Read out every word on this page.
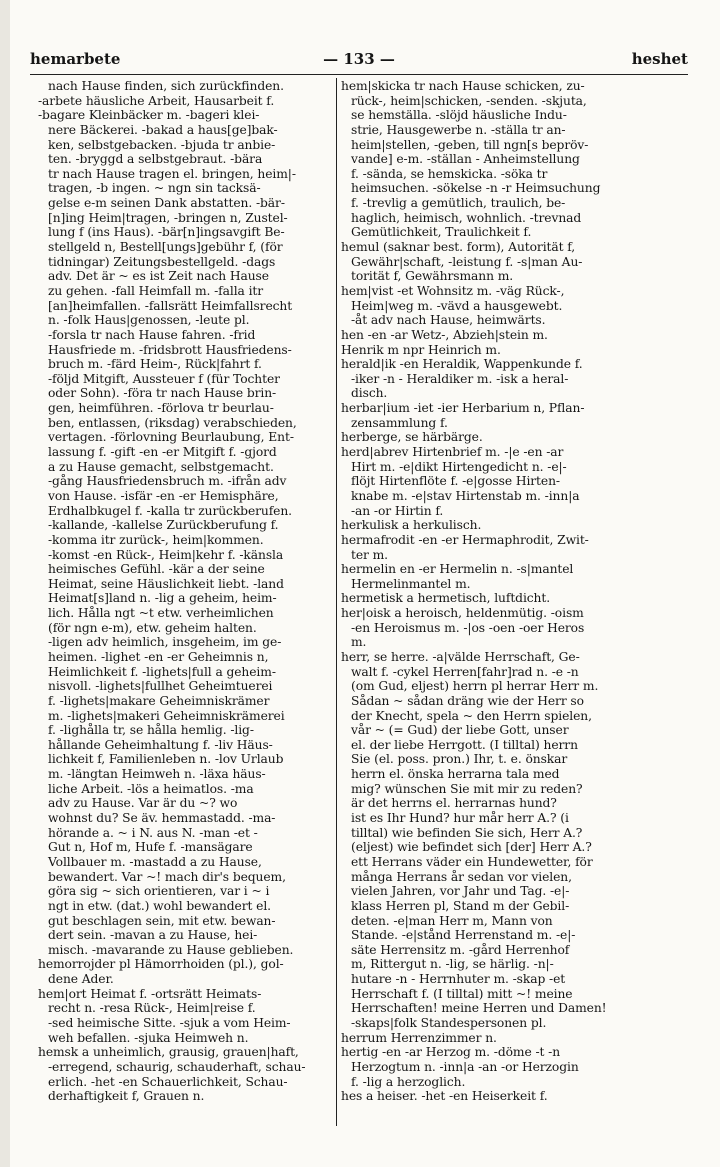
hemarbete	— 133 —	heshet
nach Hause finden, sich zurückfinden.
-arbete häusliche Arbeit, Hausarbeit f.
-bagare Kleinbäcker m. -bageri klei-
nere Bäckerei. -bakad a haus[ge]bak-
ken, selbstgebacken. -bjuda tr anbie-
ten. -bryggd a selbstgebraut. -bära
tr nach Hause tragen el. bringen, heim|-
tragen, -b ingen. ~ ngn sin tacksä-
gelse e-m seinen Dank abstatten. -bär-
[n]ing Heim|tragen, -bringen n, Zustel-
lung f (ins Haus). -bär[n]ingsavgift Be-
stellgeld n, Bestell[ungs]gebühr f, (för
tidningar) Zeitungsbestellgeld. -dags
adv. Det är ~ es ist Zeit nach Hause
zu gehen. -fall Heimfall m. -falla itr
[an]heimfallen. -fallsrätt Heimfallsrecht
n. -folk Haus|genossen, -leute pl.
-forsla tr nach Hause fahren. -frid
Hausfriede m. -fridsbrott Hausfriedens-
bruch m. -färd Heim-, Rück|fahrt f.
-följd Mitgift, Aussteuer f (für Tochter
oder Sohn). -föra tr nach Hause brin-
gen, heimführen. -förlova tr beurlau-
ben, entlassen, (riksdag) verabschieden,
vertagen. -förlovning Beurlaubung, Ent-
lassung f. -gift -en -er Mitgift f. -gjord
a zu Hause gemacht, selbstgemacht.
-gång Hausfriedensbruch m. -ifrån adv
von Hause. -isfär -en -er Hemisphäre,
Erdhalbkugel f. -kalla tr zurückberufen.
-kallande, -kallelse Zurückberufung f.
-komma itr zurück-, heim|kommen.
-komst -en Rück-, Heim|kehr f. -känsla
heimisches Gefühl. -kär a der seine
Heimat, seine Häuslichkeit liebt. -land
Heimat[s]land n. -lig a geheim, heim-
lich. Hålla ngt ~t etw. verheimlichen
(för ngn e-m), etw. geheim halten.
-ligen adv heimlich, insgeheim, im ge-
heimen. -lighet -en -er Geheimnis n,
Heimlichkeit f. -lighets|full a geheim-
nisvoll. -lighets|fullhet Geheimtuerei
f. -lighets|makare Geheimniskrämer
m. -lighets|makeri Geheimniskrämerei
f. -lighålla tr, se hålla hemlig. -lig-
hållande Geheimhaltung f. -liv Häus-
lichkeit f, Familienleben n. -lov Urlaub
m. -längtan Heimweh n. -läxa häus-
liche Arbeit. -lös a heimatlos. -ma
adv zu Hause. Var är du ~? wo
wohnst du? Se äv. hemmastadd. -ma-
hörande a. ~ i N. aus N. -man -et -
Gut n, Hof m, Hufe f. -mansägare
Vollbauer m. -mastadd a zu Hause,
bewandert. Var ~! mach dir's bequem,
göra sig ~ sich orientieren, var i ~ i
ngt in etw. (dat.) wohl bewandert el.
gut beschlagen sein, mit etw. bewan-
dert sein. -mavan a zu Hause, hei-
misch. -mavarande zu Hause geblieben.
hemorrojder pl Hämorrhoiden (pl.), gol-
dene Ader.
hem|ort Heimat f. -ortsrätt Heimats-
recht n. -resa Rück-, Heim|reise f.
-sed heimische Sitte. -sjuk a vom Heim-
weh befallen. -sjuka Heimweh n.
hemsk a unheimlich, grausig, grauen|haft,
-erregend, schaurig, schauderhaft, schau-
erlich. -het -en Schauerlichkeit, Schau-
derhaftigkeit f, Grauen n.
hem|skicka tr nach Hause schicken, zu-
rück-, heim|schicken, -senden. -skjuta,
se hemställa. -slöjd häusliche Indu-
strie, Hausgewerbe n. -ställa tr an-
heim|stellen, -geben, till ngn[s bepröv-
vande] e-m. -ställan - Anheimstellung
f. -sända, se hemskicka. -söka tr
heimsuchen. -sökelse -n -r Heimsuchung
f. -trevlig a gemütlich, traulich, be-
haglich, heimisch, wohnlich. -trevnad
Gemütlichkeit, Traulichkeit f.
hemul (saknar best. form), Autorität f,
Gewähr|schaft, -leistung f. -s|man Au-
torität f, Gewährsmann m.
hem|vist -et Wohnsitz m. -väg Rück-,
Heim|weg m. -vävd a hausgewebt.
-åt adv nach Hause, heimwärts.
hen -en -ar Wetz-, Abzieh|stein m.
Henrik m npr Heinrich m.
herald|ik -en Heraldik, Wappenkunde f.
-iker -n - Heraldiker m. -isk a heral-
disch.
herbar|ium -iet -ier Herbarium n, Pflan-
zensammlung f.
herberge, se härbärge.
herd|abrev Hirtenbrief m. -|e -en -ar
Hirt m. -e|dikt Hirtengedicht n. -e|-
flöjt Hirtenflöte f. -e|gosse Hirten-
knabe m. -e|stav Hirtenstab m. -inn|a
-an -or Hirtin f.
herkulisk a herkulisch.
hermafrodit -en -er Hermaphrodit, Zwit-
ter m.
hermelin en -er Hermelin n. -s|mantel
Hermelinmantel m.
hermetisk a hermetisch, luftdicht.
her|oisk a heroisch, heldenmütig. -oism
-en Heroismus m. -|os -oen -oer Heros
m.
herr, se herre. -a|välde Herrschaft, Ge-
walt f. -cykel Herren[fahr]rad n. -e -n
(om Gud, eljest) herrn pl herrar Herr m.
Sådan ~ sådan dräng wie der Herr so
der Knecht, spela ~ den Herrn spielen,
vår ~ (= Gud) der liebe Gott, unser
el. der liebe Herrgott. (I tilltal) herrn
Sie (el. poss. pron.) Ihr, t. e. önskar
herrn el. önska herrarna tala med
mig? wünschen Sie mit mir zu reden?
är det herrns el. herrarnas hund?
ist es Ihr Hund? hur mår herr A.? (i
tilltal) wie befinden Sie sich, Herr A.?
(eljest) wie befindet sich [der] Herr A.?
ett Herrans väder ein Hundewetter, för
många Herrans år sedan vor vielen,
vielen Jahren, vor Jahr und Tag. -e|-
klass Herren pl, Stand m der Gebil-
deten. -e|man Herr m, Mann von
Stande. -e|stånd Herrenstand m. -e|-
säte Herrensitz m. -gård Herrenhof
m, Rittergut n. -lig, se härlig. -n|-
hutare -n - Herrnhuter m. -skap -et
Herrschaft f. (I tilltal) mitt ~! meine
Herrschaften! meine Herren und Damen!
-skaps|folk Standespersonen pl.
herrum Herrenzimmer n.
hertig -en -ar Herzog m. -döme -t -n
Herzogtum n. -inn|a -an -or Herzogin
f. -lig a herzoglich.
hes a heiser. -het -en Heiserkeit f.
